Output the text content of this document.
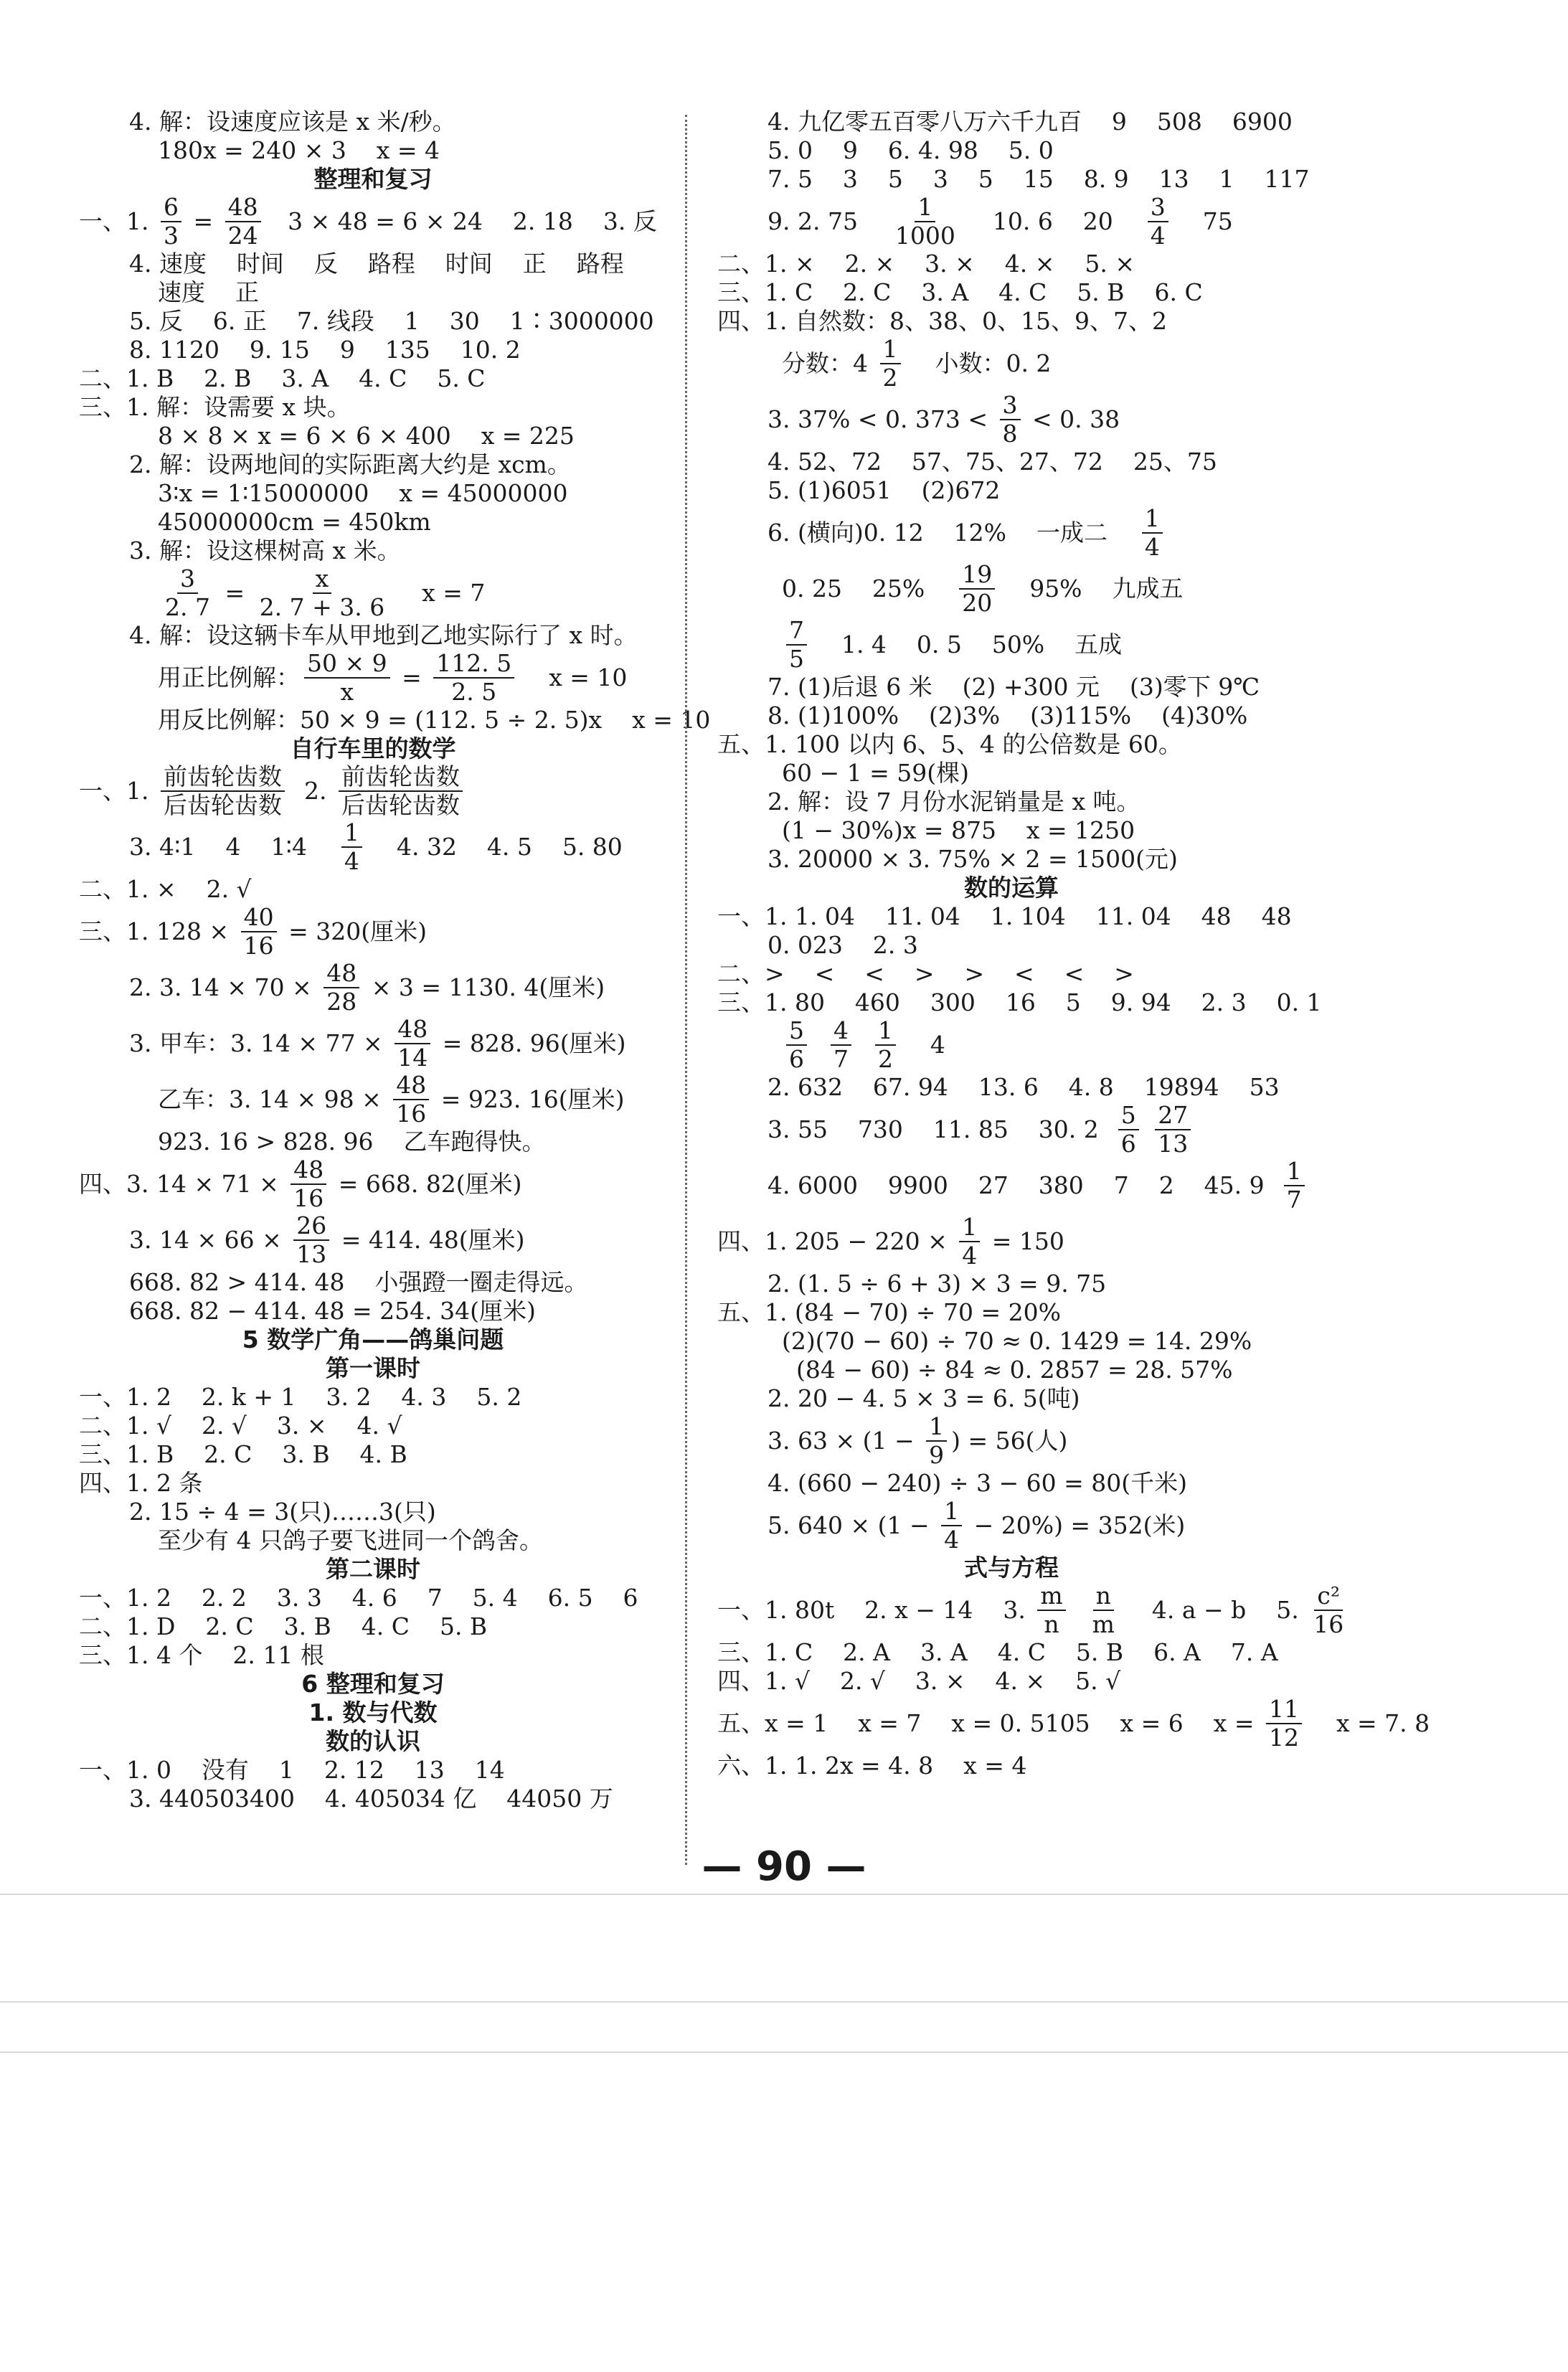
4. 解：设速度应该是 x 米/秒。
180x = 240 × 3    x = 4
整理和复习
一、1. $\frac{6}{3} = \frac{48}{24} 3 \times 48 = 6 \times 24$    2. 18    3. 反
4. 速度    时间    反    路程    时间    正    路程
速度    正
5. 反    6. 正    7. 线段    1    30    1∶3000000
8. 1120    9. 15    9    135    10. 2
二、1. B    2. B    3. A    4. C    5. C
三、1. 解：设需要 x 块。
8 × 8 × x = 6 × 6 × 400    x = 225
2. 解：设两地间的实际距离大约是 xcm。
3∶x = 1∶15000000    x = 45000000
45000000cm = 450km
3. 解：设这棵树高 x 米。
$\frac{3}{2. 7} = \frac{x}{2. 7 + 3. 6}$ x = 7
4. 解：设这辆卡车从甲地到乙地实际行了 x 时。
用正比例解： $\frac{50 \times 9}{x} = \frac{112. 5}{2. 5}$ x = 10
用反比例解：50 × 9 = (112. 5 ÷ 2. 5)x    x = 10
自行车里的数学
一、1. $\frac{\text{前齿轮齿数}}{\text{后齿轮齿数}} 2$. $\frac{\text{前齿轮齿数}}{\text{后齿轮齿数}}$
3. 4∶1    4    1∶4 $\frac{1}{4} 4$. 32    4. 5    5. 80
二、1. ×    2. √
三、1. $128 \times \frac{40}{16} = 320$(厘米)
2. 3. $14 \times 70 \times \frac{48}{28} \times 3 = 1130$. 4(厘米)
3. 甲车：3. $14 \times 77 \times \frac{48}{14} = 828$. 96(厘米)
乙车：3. $14 \times 98 \times \frac{48}{16} = 923$. 16(厘米)
923. 16 > 828. 96    乙车跑得快。
四、3. $14 \times 71 \times \frac{48}{16} = 668$. 82(厘米)
3. $14 \times 66 \times \frac{26}{13} = 414$. 48(厘米)
668. 82 > 414. 48    小强蹬一圈走得远。
668. 82 − 414. 48 = 254. 34(厘米)
5 数学广角——鸽巢问题
第一课时
一、1. 2    2. k + 1    3. 2    4. 3    5. 2
二、1. √    2. √    3. ×    4. √
三、1. B    2. C    3. B    4. B
四、1. 2 条
2. 15 ÷ 4 = 3(只)……3(只)
至少有 4 只鸽子要飞进同一个鸽舍。
第二课时
一、1. 2    2. 2    3. 3    4. 6    7    5. 4    6. 5    6
二、1. D    2. C    3. B    4. C    5. B
三、1. 4 个    2. 11 根
6 整理和复习
1. 数与代数
数的认识
一、1. 0    没有    1    2. 12    13    14
3. 440503400    4. 405034 亿    44050 万
4. 九亿零五百零八万六千九百    9    508    6900
5. 0    9    6. 4. 98    5. 0
7. 5    3    5    3    5    15    8. 9    13    1    117
9. 2. $75 \frac{1}{1000} 10$. 6    $20 \frac{3}{4} 75$
二、1. ×    2. ×    3. ×    4. ×    5. ×
三、1. C    2. C    3. A    4. C    5. B    6. C
四、1. 自然数：8、38、0、15、9、7、2
分数：$4 \frac{1}{2}$ 小数：0. 2
3. 37% < 0. $373 < \frac{3}{8} < 0$. 38
4. 52、72    57、75、27、72    25、75
5. (1)6051    (2)672
6. (横向)0. 12    12%    一成二 $\frac{1}{4}$
0. 25    $25\% \frac{19}{20} 95\%$    九成五
$\frac{7}{5} 1$. 4    0. 5    50%    五成
7. (1)后退 6 米    (2) +300 元    (3)零下 9℃
8. (1)100%    (2)3%    (3)115%    (4)30%
五、1. 100 以内 6、5、4 的公倍数是 60。
60 − 1 = 59(棵)
2. 解：设 7 月份水泥销量是 x 吨。
(1 − 30%)x = 875    x = 1250
3. 20000 × 3. 75% × 2 = 1500(元)
数的运算
一、1. 1. 04    11. 04    1. 104    11. 04    48    48
0. 023    2. 3
二、>    <    <    >    >    <    <    >
三、1. 80    460    300    16    5    9. 94    2. 3    0. 1
$\frac{5}{6}$
$\frac{4}{7}$
$\frac{1}{2} 4$
2. 632    67. 94    13. 6    4. 8    19894    53
3. 55    730    11. 85    30. $2 \frac{5}{6}$
$\frac{27}{13}$
4. 6000    9900    27    380    7    2    45. $9 \frac{1}{7}$
四、1. $205 - 220 \times \frac{1}{4} = 150$
2. (1. 5 ÷ 6 + 3) × 3 = 9. 75
五、1. (84 − 70) ÷ 70 = 20%
(2)(70 − 60) ÷ 70 ≈ 0. 1429 = 14. 29%
(84 − 60) ÷ 84 ≈ 0. 2857 = 28. 57%
2. 20 − 4. 5 × 3 = 6. 5(吨)
3. $63 \times (1 - \frac{1}{9}$ ) = 56(人)
4. (660 − 240) ÷ 3 − 60 = 80(千米)
5. $640 \times (1 - \frac{1}{4} - 20\%) = 352$(米)
式与方程
一、1. 80t    2. x − 14    3. $\frac{m}{n}$
$\frac{n}{m} 4$. a − b    5. $\frac{\text{c²}}{16}$
三、1. C    2. A    3. A    4. C    5. B    6. A    7. A
四、1. √    2. √    3. ×    4. ×    5. √
五、x = 1    x = 7    x = 0. 5105    x = 6    $x = \frac{11}{12}$ x = 7. 8
六、1. 1. 2x = 4. 8    x = 4
— 90 —
